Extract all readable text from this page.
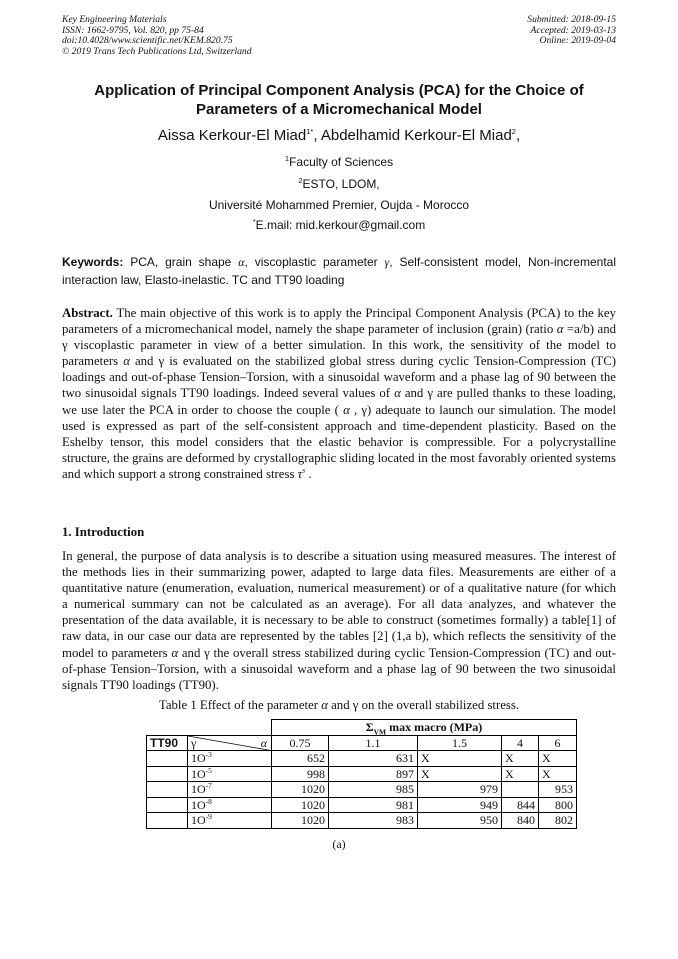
Key Engineering Materials
ISSN: 1662-9795, Vol. 820, pp 75-84
doi:10.4028/www.scientific.net/KEM.820.75
© 2019 Trans Tech Publications Ltd, Switzerland
Submitted: 2018-09-15
Accepted: 2019-03-13
Online: 2019-09-04
Application of Principal Component Analysis (PCA) for the Choice of
Parameters of a Micromechanical Model
Aissa Kerkour-El Miad$^{1*}$, Abdelhamid Kerkour-El Miad$^2$,
$^1$Faculty of Sciences
$^2$ESTO, LDOM,
Université Mohammed Premier, Oujda - Morocco
*E.mail: mid.kerkour@gmail.com
Keywords: PCA, grain shape α, viscoplastic parameter γ, Self-consistent model, Non-incremental interaction law, Elasto-inelastic. TC and TT90 loading
Abstract. The main objective of this work is to apply the Principal Component Analysis (PCA) to the key parameters of a micromechanical model, namely the shape parameter of inclusion (grain) (ratio α =a/b) and γ viscoplastic parameter in view of a better simulation. In this work, the sensitivity of the model to parameters α and γ is evaluated on the stabilized global stress during cyclic Tension-Compression (TC) loadings and out-of-phase Tension–Torsion, with a sinusoidal waveform and a phase lag of 90 between the two sinusoidal signals TT90 loadings. Indeed several values of α and γ are pulled thanks to these loading, we use later the PCA in order to choose the couple ( α , γ) adequate to launch our simulation. The model used is expressed as part of the self-consistent approach and time-dependent plasticity. Based on the Eshelby tensor, this model considers that the elastic behavior is compressible. For a polycrystalline structure, the grains are deformed by crystallographic sliding located in the most favorably oriented systems and which support a strong constrained stress $\tau^s$ .
1. Introduction
In general, the purpose of data analysis is to describe a situation using measured measures. The interest of the methods lies in their summarizing power, adapted to large data files. Measurements are either of a quantitative nature (enumeration, evaluation, numerical measurement) or of a qualitative nature (for which a numerical summary can not be calculated as an average). For all data analyzes, and whatever the presentation of the data available, it is necessary to be able to construct (sometimes formally) a table[1] of raw data, in our case our data are represented by the tables [2] (1,a b), which reflects the sensitivity of the model to parameters α and γ the overall stress stabilized during cyclic Tension-Compression (TC) and out-of-phase Tension–Torsion, with a sinusoidal waveform and a phase lag of 90 between the two sinusoidal signals TT90 loadings (TT90).
Table 1 Effect of the parameter α and γ on the overall stabilized stress.
		$\Sigma_{VM}$ max macro (MPa)				
TT90	γ α	0.75	1.1	1.5	4	6
	$1O^{-3}$	652	631	X	X	X
	$1O^{-5}$	998	897	X	X	X
	$1O^{-7}$	1020	985	979		953
	$1O^{-8}$	1020	981	949	844	800
	$1O^{-9}$	1020	983	950	840	802
(a)
